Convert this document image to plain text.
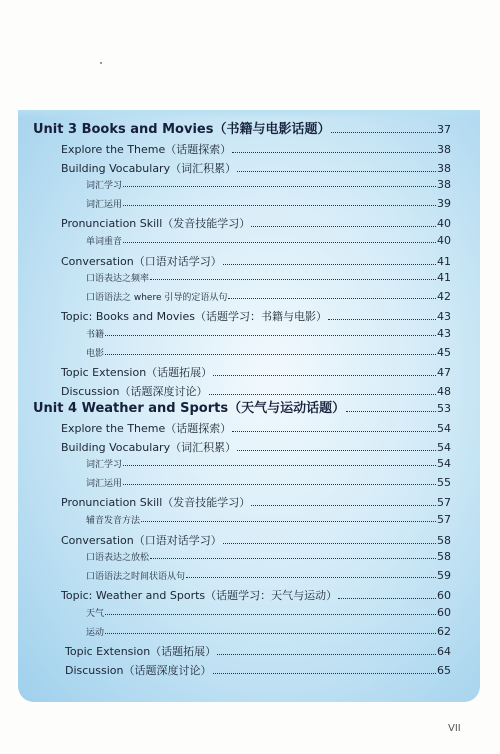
Unit 3 Books and Movies（书籍与电影话题）	37
Explore the Theme（话题探索）	38
Building Vocabulary（词汇积累）	38
词汇学习	38
词汇运用	39
Pronunciation Skill（发音技能学习）	40
单词重音	40
Conversation（口语对话学习）	41
口语表达之频率	41
口语语法之 where 引导的定语从句	42
Topic: Books and Movies（话题学习：书籍与电影）	43
书籍	43
电影	45
Topic Extension（话题拓展）	47
Discussion（话题深度讨论）	48
Unit 4 Weather and Sports（天气与运动话题）	53
Explore the Theme（话题探索）	54
Building Vocabulary（词汇积累）	54
词汇学习	54
词汇运用	55
Pronunciation Skill（发音技能学习）	57
辅音发音方法	57
Conversation（口语对话学习）	58
口语表达之放松	58
口语语法之时间状语从句	59
Topic: Weather and Sports（话题学习：天气与运动）	60
天气	60
运动	62
Topic Extension（话题拓展）	64
Discussion（话题深度讨论）	65
VII
